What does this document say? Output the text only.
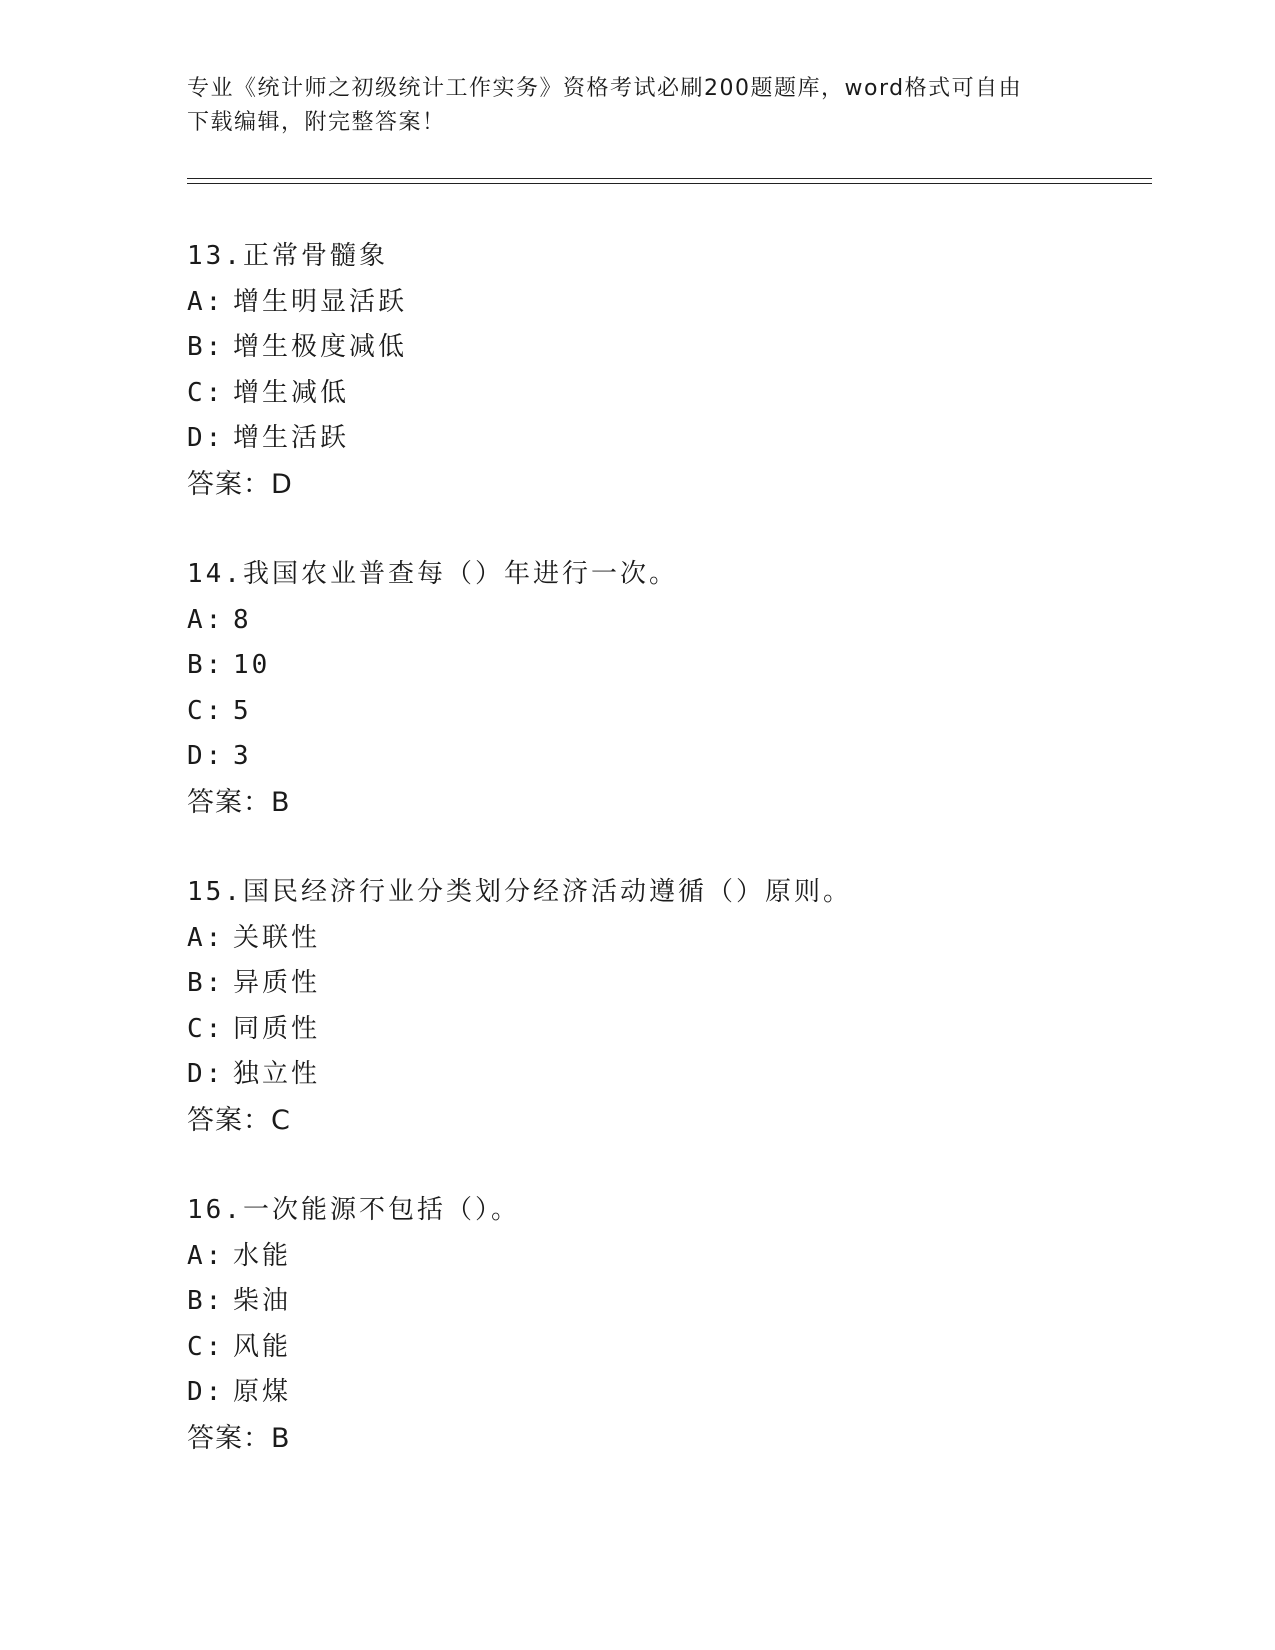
专业《统计师之初级统计工作实务》资格考试必刷200题题库，word格式可自由
下载编辑，附完整答案！
13.正常骨髓象
A: 增生明显活跃
B: 增生极度减低
C: 增生减低
D: 增生活跃
答案：D
14.我国农业普查每（）年进行一次。
A: 8
B: 10
C: 5
D: 3
答案：B
15.国民经济行业分类划分经济活动遵循（）原则。
A: 关联性
B: 异质性
C: 同质性
D: 独立性
答案：C
16.一次能源不包括（）。
A: 水能
B: 柴油
C: 风能
D: 原煤
答案：B
